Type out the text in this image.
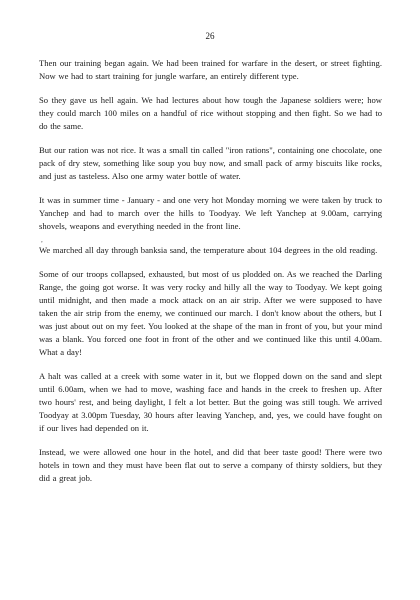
26

Then our training began again. We had been trained for warfare in the desert, or street fighting. Now we had to start training for jungle warfare, an entirely different type.

So they gave us hell again. We had lectures about how tough the Japanese soldiers were; how they could march 100 miles on a handful of rice without stopping and then fight. So we had to do the same.

But our ration was not rice. It was a small tin called "iron rations", containing one chocolate, one pack of dry stew, something like soup you buy now, and small pack of army biscuits like rocks, and just as tasteless. Also one army water bottle of water.

It was in summer time - January - and one very hot Monday morning we were taken by truck to Yanchep and had to march over the hills to Toodyay. We left Yanchep at 9.00am, carrying shovels, weapons and everything needed in the front line.

,

We marched all day through banksia sand, the temperature about 104 degrees in the old reading.

Some of our troops collapsed, exhausted, but most of us plodded on. As we reached the Darling Range, the going got worse. It was very rocky and hilly all the way to Toodyay. We kept going until midnight, and then made a mock attack on an air strip. After we were supposed to have taken the air strip from the enemy, we continued our march. I don't know about the others, but I was just about out on my feet. You looked at the shape of the man in front of you, but your mind was a blank. You forced one foot in front of the other and we continued like this until 4.00am. What a day!

A halt was called at a creek with some water in it, but we flopped down on the sand and slept until 6.00am, when we had to move, washing face and hands in the creek to freshen up. After two hours' rest, and being daylight, I felt a lot better. But the going was still tough. We arrived Toodyay at 3.00pm Tuesday, 30 hours after leaving Yanchep, and, yes, we could have fought on if our lives had depended on it.

Instead, we were allowed one hour in the hotel, and did that beer taste good! There were two hotels in town and they must have been flat out to serve a company of thirsty soldiers, but they did a great job.
